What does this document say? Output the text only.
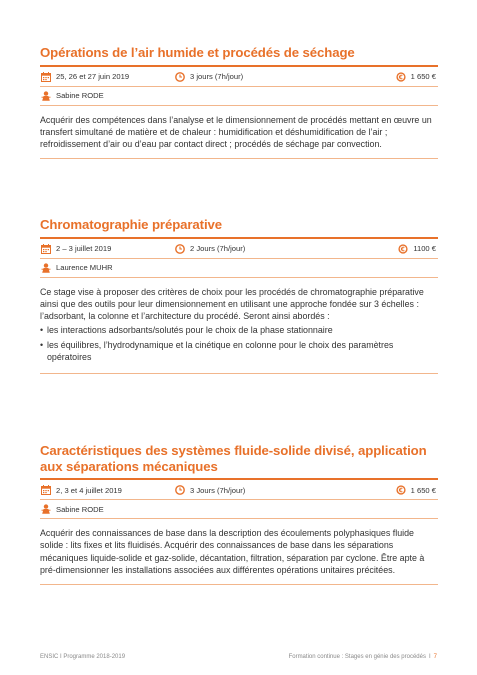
Opérations de l’air humide et procédés de séchage
25, 26 et 27 juin 2019	3 jours (7h/jour)	1 650 €
Sabine RODE

Acquérir des compétences dans l’analyse et le dimensionnement de procédés mettant en œuvre un transfert simultané de matière et de chaleur : humidification et déshumidification de l’air ; refroidissement d’air ou d’eau par contact direct ; procédés de séchage par convection.

Chromatographie préparative
2 – 3 juillet 2019	2 Jours (7h/jour)	1100 €
Laurence MUHR

Ce stage vise à proposer des critères de choix pour les procédés de chromatographie préparative ainsi que des outils pour leur dimensionnement en utilisant une approche fondée sur 3 échelles : l’adsorbant, la colonne et l’architecture du procédé. Seront ainsi abordés :

• les interactions adsorbants/solutés pour le choix de la phase stationnaire
• les équilibres, l’hydrodynamique et la cinétique en colonne pour le choix des paramètres opératoires
Caractéristiques des systèmes fluide-solide divisé, application aux séparations mécaniques
2, 3 et 4 juillet 2019	3 Jours (7h/jour)	1 650 €
Sabine RODE

Acquérir des connaissances de base dans la description des écoulements polyphasiques fluide solide : lits fixes et lits fluidisés. Acquérir des connaissances de base dans les séparations mécaniques liquide-solide et gaz-solide, décantation, filtration, séparation par cyclone. Être apte à pré-dimensionner les installations associées aux différentes opérations unitaires précitées.

ENSIC I Programme 2018-2019	Formation continue : Stages en génie des procédés I 7
